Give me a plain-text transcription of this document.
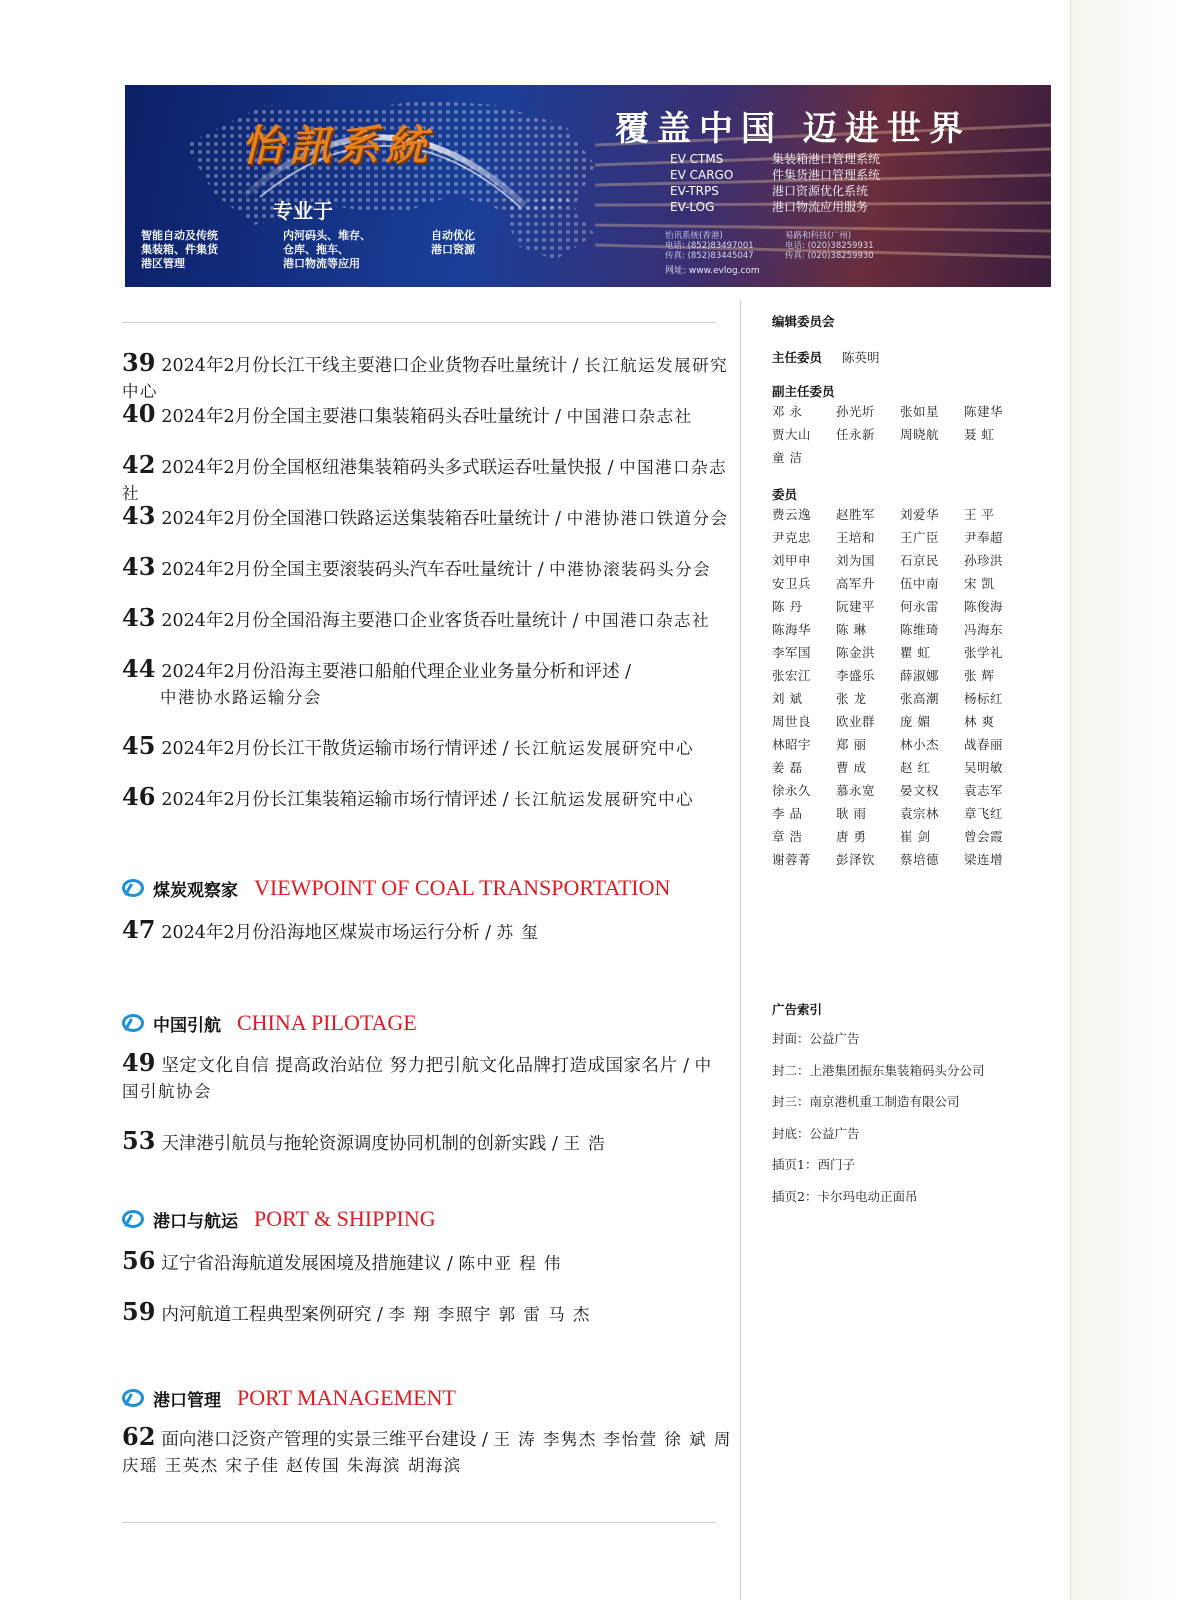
怡訊系統	覆盖中国 迈进世界
EV CTMS	集装箱港口管理系统
EV CARGO	件集货港口管理系统
EV-TRPS	港口资源优化系统
EV-LOG	港口物流应用服务
专业于
智能自动及传统
集装箱、件集货
港区管理
内河码头、堆存、
仓库、拖车、
港口物流等应用
自动优化
港口资源
怡讯系统(香港)
电话: (852)83497001
传真: (852)83445047
易路和科技(广州)
电话: (020)38259931
传真: (020)38259930
网址: www.evlog.com
39 2024年2月份长江干线主要港口企业货物吞吐量统计 / 长江航运发展研究中心
40 2024年2月份全国主要港口集装箱码头吞吐量统计 / 中国港口杂志社
42 2024年2月份全国枢纽港集装箱码头多式联运吞吐量快报 / 中国港口杂志社
43 2024年2月份全国港口铁路运送集装箱吞吐量统计 / 中港协港口铁道分会
43 2024年2月份全国主要滚装码头汽车吞吐量统计 / 中港协滚装码头分会
43 2024年2月份全国沿海主要港口企业客货吞吐量统计 / 中国港口杂志社
44 2024年2月份沿海主要港口船舶代理企业业务量分析和评述 /
中港协水路运输分会
45 2024年2月份长江干散货运输市场行情评述 / 长江航运发展研究中心
46 2024年2月份长江集装箱运输市场行情评述 / 长江航运发展研究中心
煤炭观察家 VIEWPOINT OF COAL TRANSPORTATION
47 2024年2月份沿海地区煤炭市场运行分析 / 苏 玺
中国引航 CHINA PILOTAGE
49 坚定文化自信 提高政治站位 努力把引航文化品牌打造成国家名片 / 中国引航协会
53 天津港引航员与拖轮资源调度协同机制的创新实践 / 王 浩
港口与航运 PORT & SHIPPING
56 辽宁省沿海航道发展困境及措施建议 / 陈中亚 程 伟
59 内河航道工程典型案例研究 / 李 翔 李照宇 郭 雷 马 杰
港口管理 PORT MANAGEMENT
62 面向港口泛资产管理的实景三维平台建设 / 王 涛 李隽杰 李怡萱 徐 斌 周庆瑶 王英杰 宋子佳 赵传国 朱海滨 胡海滨
编辑委员会
主任委员 陈英明
副主任委员
邓 永	孙光圻	张如星	陈建华
贾大山	任永新	周晓航	聂 虹
童 洁
委员
费云逸	赵胜军	刘爱华	王 平
尹克忠	王培和	王广臣	尹奉超
刘甲申	刘为国	石京民	孙珍洪
安卫兵	高军升	伍中南	宋 凯
陈 丹	阮建平	何永雷	陈俊海
陈海华	陈 琳	陈维琦	冯海东
李军国	陈金洪	瞿 虹	张学礼
张宏江	李盛乐	薛淑娜	张 辉
刘 斌	张 龙	张高潮	杨标红
周世良	欧业群	庞 媚	林 爽
林昭宇	郑 丽	林小杰	战春丽
姜 磊	曹 成	赵 红	吴明敏
徐永久	慕永宽	晏文权	袁志军
李 品	耿 雨	袁宗林	章飞红
章 浩	唐 勇	崔 剑	曾会霞
谢蓉菁	彭泽钦	蔡培德	梁连增
广告索引
封面：公益广告
封二：上港集团振东集装箱码头分公司
封三：南京港机重工制造有限公司
封底：公益广告
插页1：西门子
插页2：卡尔玛电动正面吊
